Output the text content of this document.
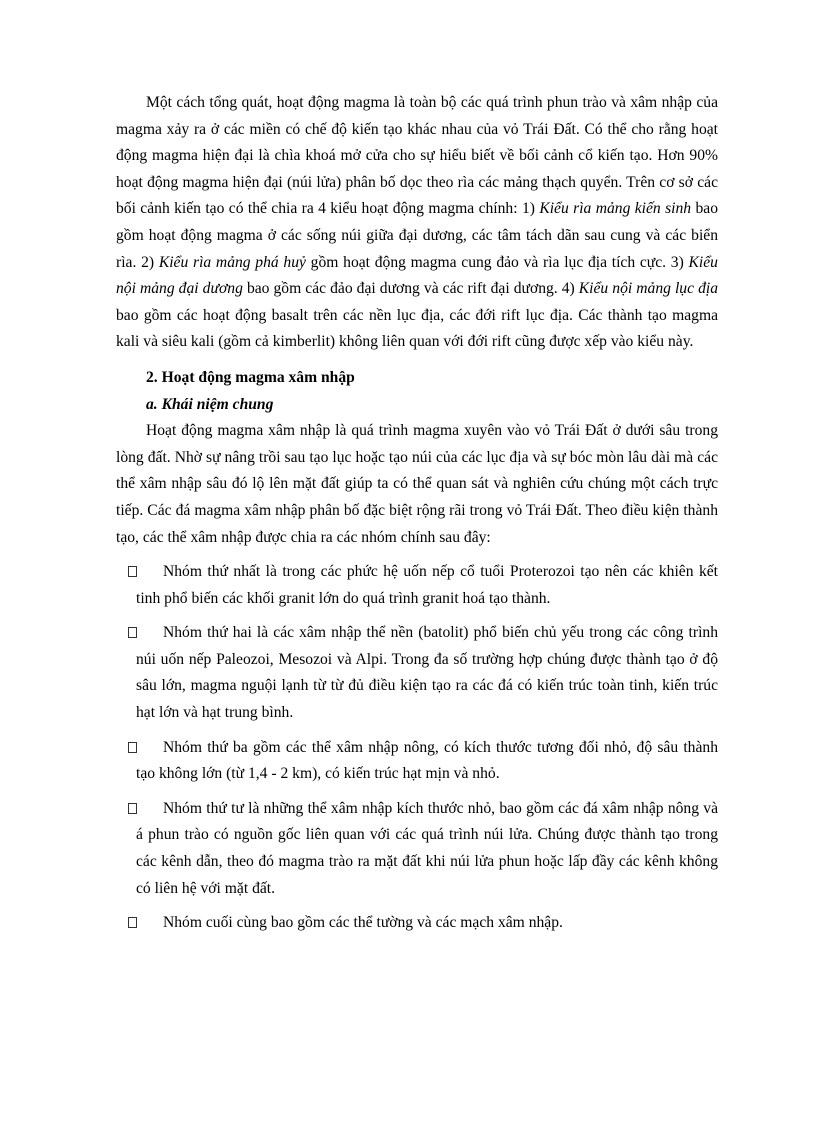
Một cách tổng quát, hoạt động magma là toàn bộ các quá trình phun trào và xâm nhập của magma xảy ra ở các miền có chế độ kiến tạo khác nhau của vỏ Trái Đất. Có thể cho rằng hoạt động magma hiện đại là chìa khoá mở cửa cho sự hiểu biết về bối cảnh cổ kiến tạo. Hơn 90% hoạt động magma hiện đại (núi lửa) phân bố dọc theo rìa các mảng thạch quyển. Trên cơ sở các bối cảnh kiến tạo có thể chia ra 4 kiểu hoạt động magma chính: 1) Kiểu rìa mảng kiến sinh bao gồm hoạt động magma ở các sống núi giữa đại dương, các tâm tách dãn sau cung và các biển rìa. 2) Kiểu rìa mảng phá huỷ gồm hoạt động magma cung đảo và rìa lục địa tích cực. 3) Kiểu nội mảng đại dương bao gồm các đảo đại dương và các rift đại dương. 4) Kiểu nội mảng lục địa bao gồm các hoạt động basalt trên các nền lục địa, các đới rift lục địa. Các thành tạo magma kali và siêu kali (gồm cả kimberlit) không liên quan với đới rift cũng được xếp vào kiểu này.

2. Hoạt động magma xâm nhập

a. Khái niệm chung

Hoạt động magma xâm nhập là quá trình magma xuyên vào vỏ Trái Đất ở dưới sâu trong lòng đất. Nhờ sự nâng trồi sau tạo lục hoặc tạo núi của các lục địa và sự bóc mòn lâu dài mà các thể xâm nhập sâu đó lộ lên mặt đất giúp ta có thể quan sát và nghiên cứu chúng một cách trực tiếp. Các đá magma xâm nhập phân bố đặc biệt rộng rãi trong vỏ Trái Đất. Theo điều kiện thành tạo, các thể xâm nhập được chia ra các nhóm chính sau đây:

Nhóm thứ nhất là trong các phức hệ uốn nếp cổ tuổi Proterozoi tạo nên các khiên kết tinh phổ biến các khối granit lớn do quá trình granit hoá tạo thành.
Nhóm thứ hai là các xâm nhập thể nền (batolit) phổ biến chủ yếu trong các công trình núi uốn nếp Paleozoi, Mesozoi và Alpi. Trong đa số trường hợp chúng được thành tạo ở độ sâu lớn, magma nguội lạnh từ từ đủ điều kiện tạo ra các đá có kiến trúc toàn tinh, kiến trúc hạt lớn và hạt trung bình.
Nhóm thứ ba gồm các thể xâm nhập nông, có kích thước tương đối nhỏ, độ sâu thành tạo không lớn (từ 1,4 - 2 km), có kiến trúc hạt mịn và nhỏ.
Nhóm thứ tư là những thể xâm nhập kích thước nhỏ, bao gồm các đá xâm nhập nông và á phun trào có nguồn gốc liên quan với các quá trình núi lửa. Chúng được thành tạo trong các kênh dẫn, theo đó magma trào ra mặt đất khi núi lửa phun hoặc lấp đầy các kênh không có liên hệ với mặt đất.
Nhóm cuối cùng bao gồm các thể tường và các mạch xâm nhập.
